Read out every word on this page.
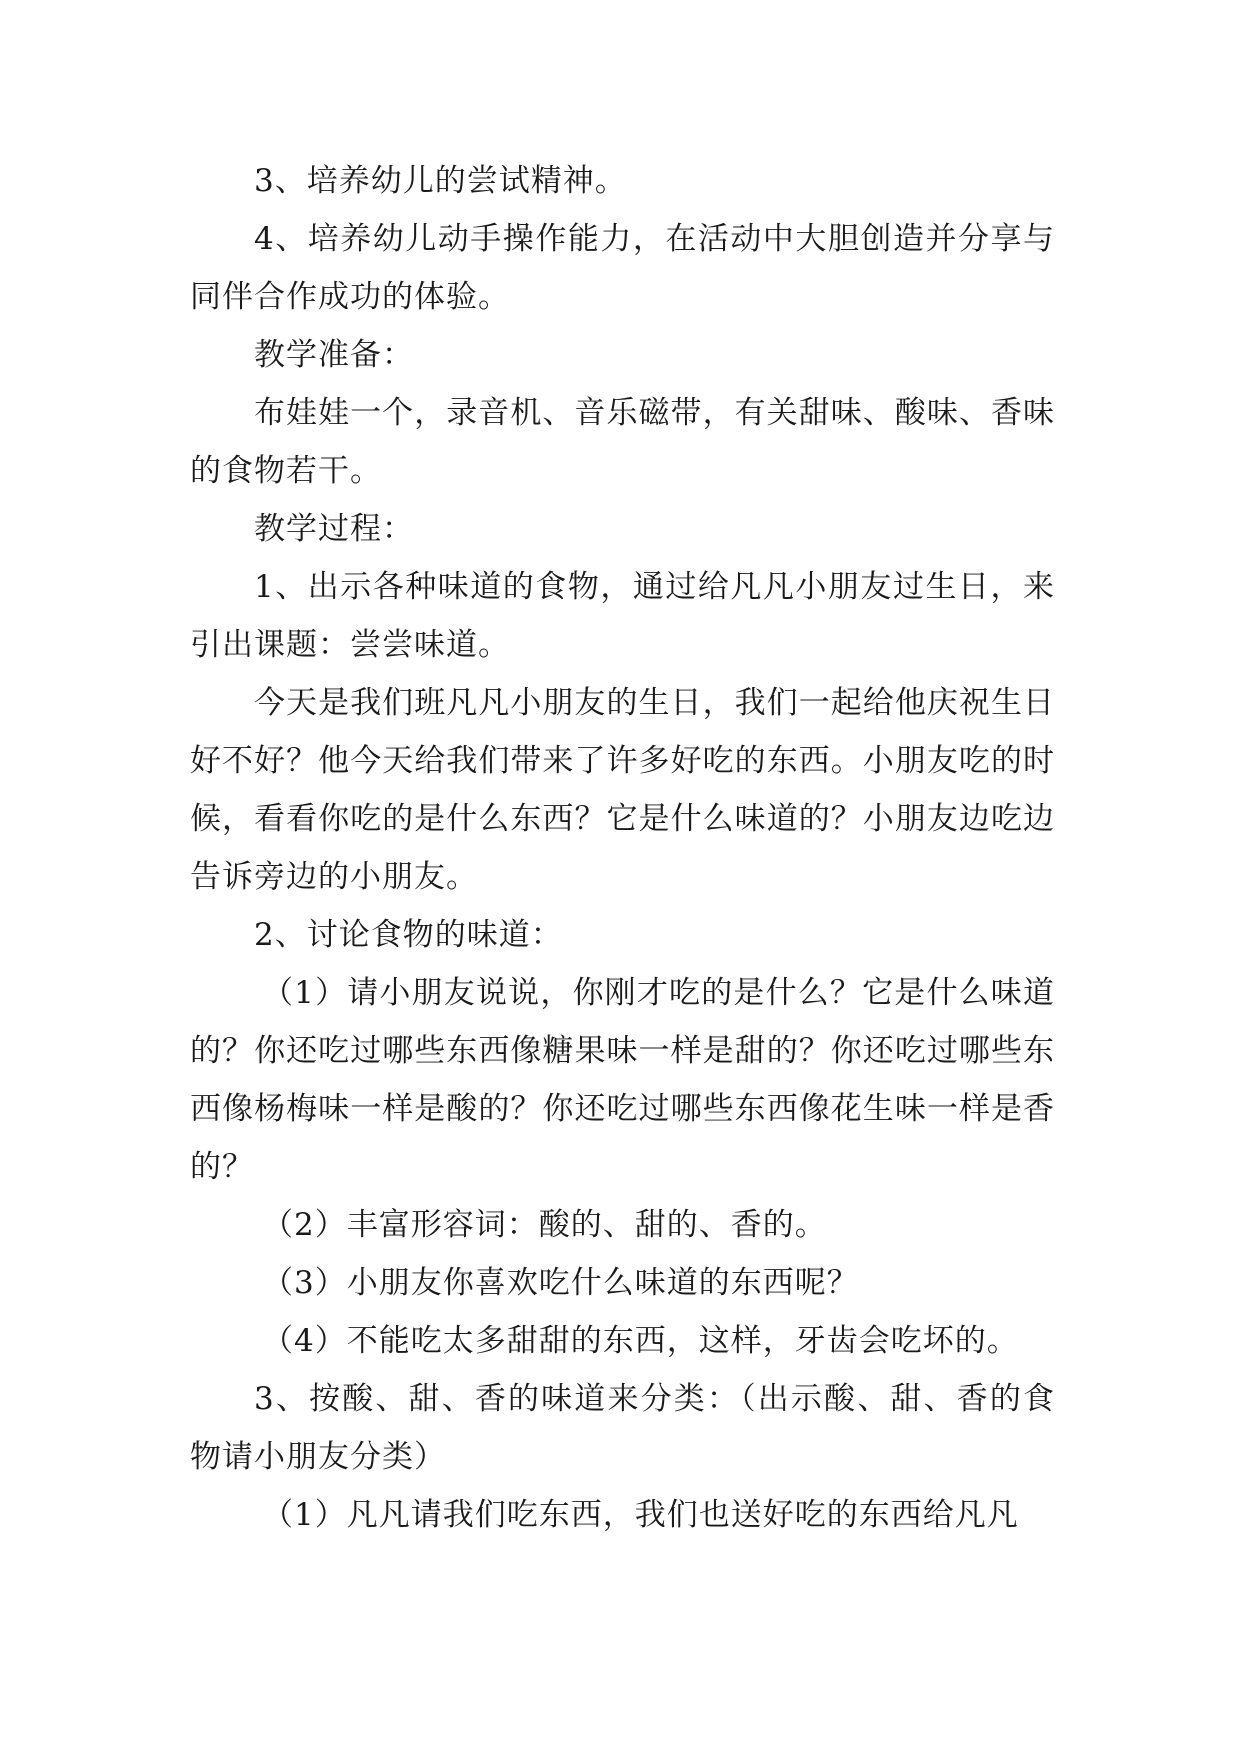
3、培养幼儿的尝试精神。

4、培养幼儿动手操作能力，在活动中大胆创造并分享与同伴合作成功的体验。

教学准备：

布娃娃一个，录音机、音乐磁带，有关甜味、酸味、香味的食物若干。

教学过程：

1、出示各种味道的食物，通过给凡凡小朋友过生日，来引出课题：尝尝味道。

今天是我们班凡凡小朋友的生日，我们一起给他庆祝生日好不好？他今天给我们带来了许多好吃的东西。小朋友吃的时候，看看你吃的是什么东西？它是什么味道的？小朋友边吃边告诉旁边的小朋友。

2、讨论食物的味道：

（1）请小朋友说说，你刚才吃的是什么？它是什么味道的？你还吃过哪些东西像糖果味一样是甜的？你还吃过哪些东西像杨梅味一样是酸的？你还吃过哪些东西像花生味一样是香的？

（2）丰富形容词：酸的、甜的、香的。

（3）小朋友你喜欢吃什么味道的东西呢？

（4）不能吃太多甜甜的东西，这样，牙齿会吃坏的。

3、按酸、甜、香的味道来分类：（出示酸、甜、香的食物请小朋友分类）

（1）凡凡请我们吃东西，我们也送好吃的东西给凡凡
